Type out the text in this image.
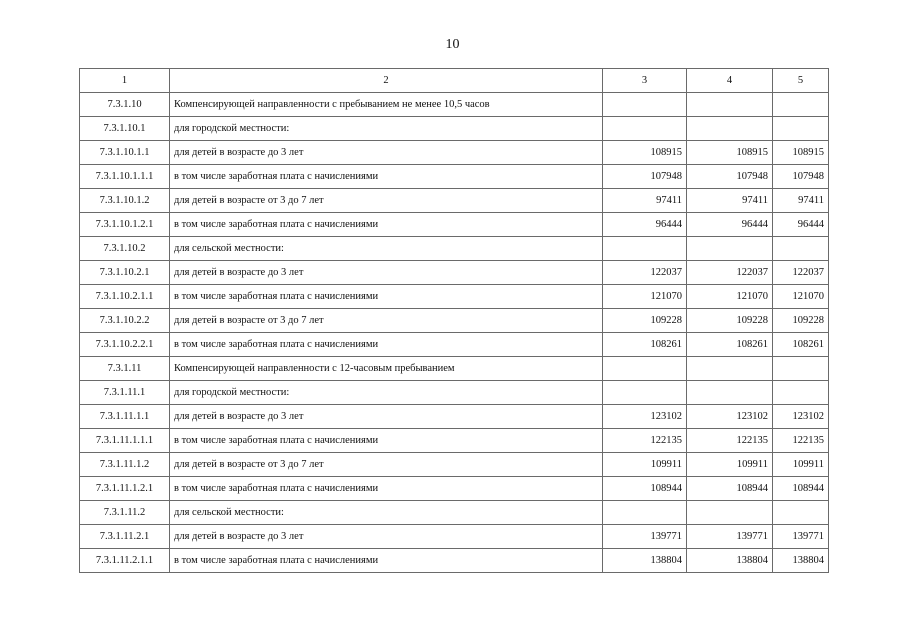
10
1	2	3	4	5
7.3.1.10	Компенсирующей направленности с пребыванием не менее 10,5 часов			
7.3.1.10.1	для городской местности:			
7.3.1.10.1.1	для детей в возрасте до 3 лет	108915	108915	108915
7.3.1.10.1.1.1	в том числе заработная плата с начислениями	107948	107948	107948
7.3.1.10.1.2	для детей в возрасте от 3 до 7 лет	97411	97411	97411
7.3.1.10.1.2.1	в том числе заработная плата с начислениями	96444	96444	96444
7.3.1.10.2	для сельской местности:			
7.3.1.10.2.1	для детей в возрасте до 3 лет	122037	122037	122037
7.3.1.10.2.1.1	в том числе заработная плата с начислениями	121070	121070	121070
7.3.1.10.2.2	для детей в возрасте от 3 до 7 лет	109228	109228	109228
7.3.1.10.2.2.1	в том числе заработная плата с начислениями	108261	108261	108261
7.3.1.11	Компенсирующей направленности с 12-часовым пребыванием			
7.3.1.11.1	для городской местности:			
7.3.1.11.1.1	для детей в возрасте до 3 лет	123102	123102	123102
7.3.1.11.1.1.1	в том числе заработная плата с начислениями	122135	122135	122135
7.3.1.11.1.2	для детей в возрасте от 3 до 7 лет	109911	109911	109911
7.3.1.11.1.2.1	в том числе заработная плата с начислениями	108944	108944	108944
7.3.1.11.2	для сельской местности:			
7.3.1.11.2.1	для детей в возрасте до 3 лет	139771	139771	139771
7.3.1.11.2.1.1	в том числе заработная плата с начислениями	138804	138804	138804
